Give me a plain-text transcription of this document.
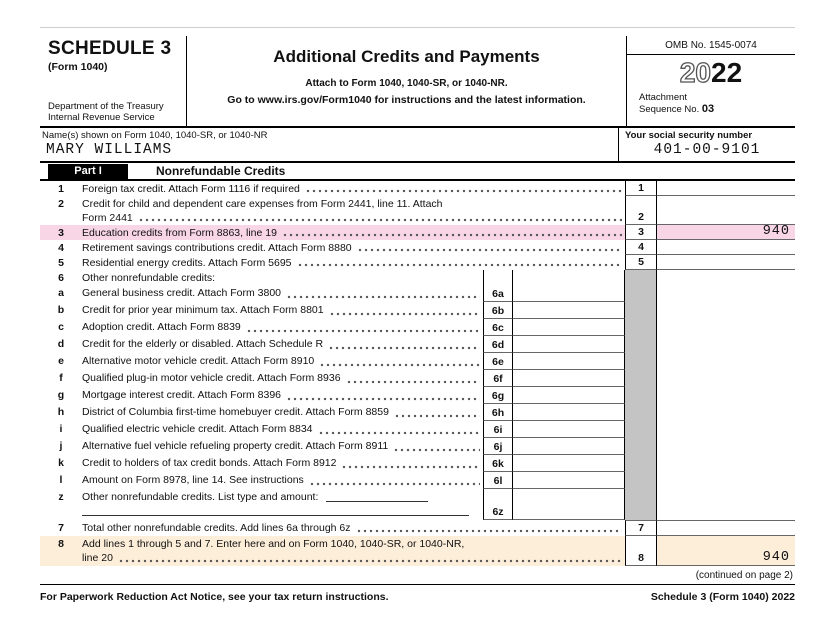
SCHEDULE 3
(Form 1040)
Department of the Treasury
Internal Revenue Service
Additional Credits and Payments
Attach to Form 1040, 1040-SR, or 1040-NR.
Go to www.irs.gov/Form1040 for instructions and the latest information.
OMB No. 1545-0074
2022
Attachment
Sequence No. 03
Name(s) shown on Form 1040, 1040-SR, or 1040-NR
MARY WILLIAMS
Your social security number
401-00-9101
Part I	Nonrefundable Credits
1	Foreign tax credit. Attach Form 1116 if required	1
2	Credit for child and dependent care expenses from Form 2441, line 11. Attach
Form 2441	2
3	Education credits from Form 8863, line 19	3	940
4	Retirement savings contributions credit. Attach Form 8880	4
5	Residential energy credits. Attach Form 5695	5
6	Other nonrefundable credits:
a	General business credit. Attach Form 3800	6a
b	Credit for prior year minimum tax. Attach Form 8801	6b
c	Adoption credit. Attach Form 8839	6c
d	Credit for the elderly or disabled. Attach Schedule R	6d
e	Alternative motor vehicle credit. Attach Form 8910	6e
f	Qualified plug-in motor vehicle credit. Attach Form 8936	6f
g	Mortgage interest credit. Attach Form 8396	6g
h	District of Columbia first-time homebuyer credit. Attach Form 8859	6h
i	Qualified electric vehicle credit. Attach Form 8834	6i
j	Alternative fuel vehicle refueling property credit. Attach Form 8911	6j
k	Credit to holders of tax credit bonds. Attach Form 8912	6k
l	Amount on Form 8978, line 14. See instructions	6l
z	Other nonrefundable credits. List type and amount:
6z
7	Total other nonrefundable credits. Add lines 6a through 6z	7
8	Add lines 1 through 5 and 7. Enter here and on Form 1040, 1040-SR, or 1040-NR,
line 20	8	940
(continued on page 2)
For Paperwork Reduction Act Notice, see your tax return instructions.	Schedule 3 (Form 1040) 2022
